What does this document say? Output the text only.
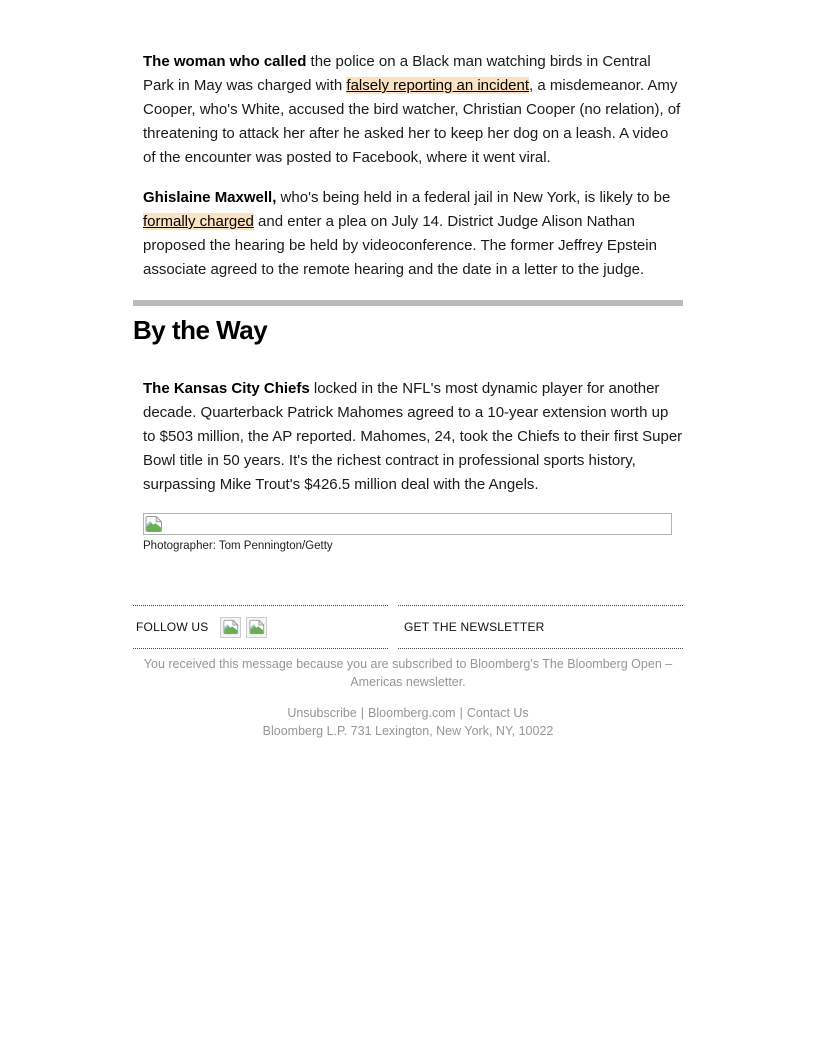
The woman who called the police on a Black man watching birds in Central Park in May was charged with falsely reporting an incident, a misdemeanor. Amy Cooper, who's White, accused the bird watcher, Christian Cooper (no relation), of threatening to attack her after he asked her to keep her dog on a leash. A video of the encounter was posted to Facebook, where it went viral.

Ghislaine Maxwell, who's being held in a federal jail in New York, is likely to be formally charged and enter a plea on July 14. District Judge Alison Nathan proposed the hearing be held by videoconference. The former Jeffrey Epstein associate agreed to the remote hearing and the date in a letter to the judge.

By the Way

The Kansas City Chiefs locked in the NFL's most dynamic player for another decade. Quarterback Patrick Mahomes agreed to a 10-year extension worth up to $503 million, the AP reported. Mahomes, 24, took the Chiefs to their first Super Bowl title in 50 years. It's the richest contract in professional sports history, surpassing Mike Trout's $426.5 million deal with the Angels.

Photographer: Tom Pennington/Getty
FOLLOW US	GET THE NEWSLETTER
You received this message because you are subscribed to Bloomberg's The Bloomberg Open – Americas newsletter.
Unsubscribe | Bloomberg.com | Contact Us
Bloomberg L.P. 731 Lexington, New York, NY, 10022
